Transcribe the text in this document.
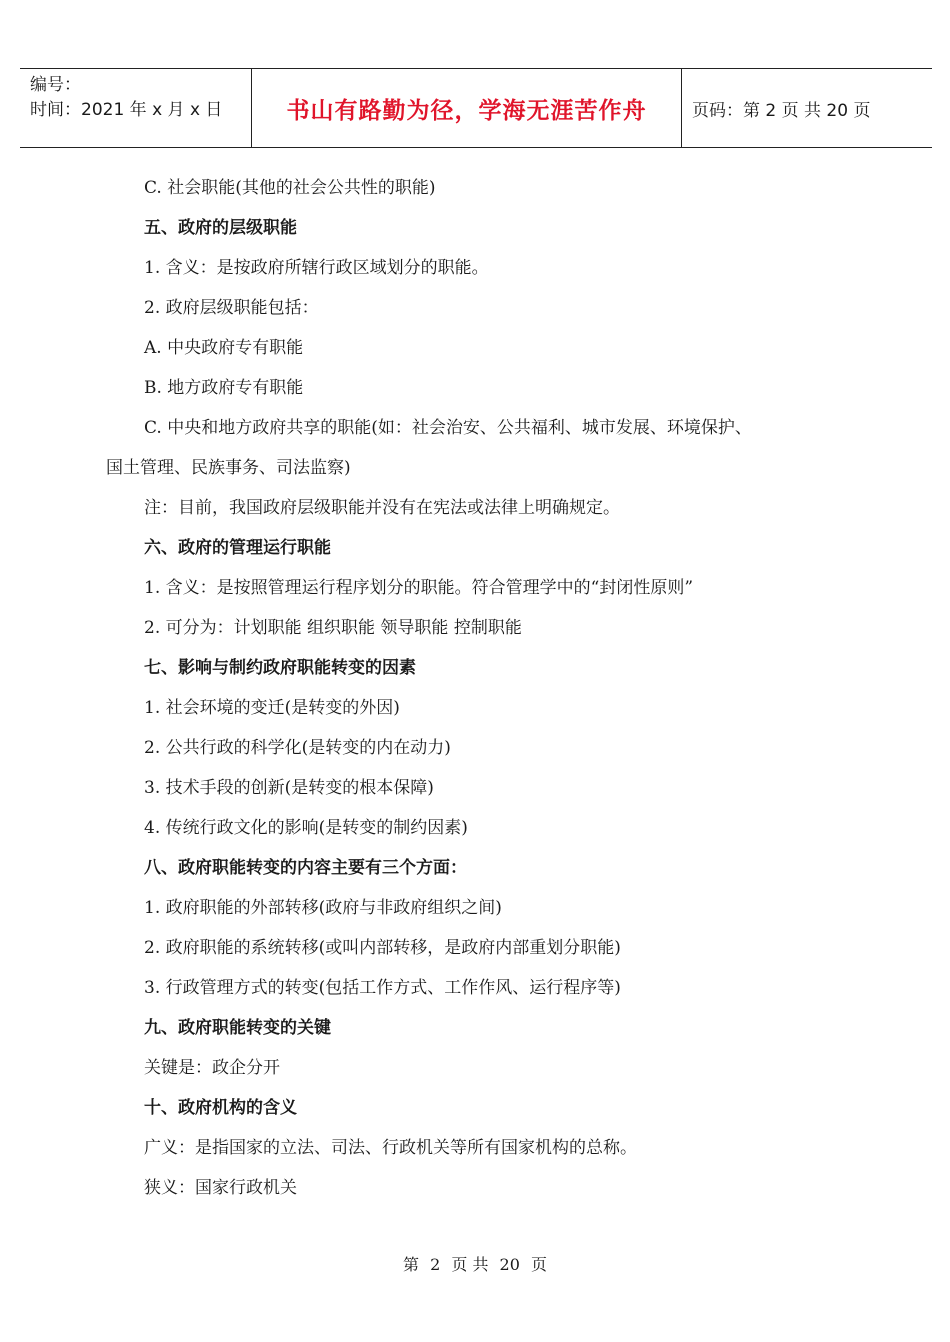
编号：
时间：2021 年 x 月 x 日	书山有路勤为径，学海无涯苦作舟	页码：第 2 页 共 20 页
C. 社会职能(其他的社会公共性的职能)
五、政府的层级职能
1. 含义：是按政府所辖行政区域划分的职能。
2. 政府层级职能包括：
A. 中央政府专有职能
B. 地方政府专有职能
C. 中央和地方政府共享的职能(如：社会治安、公共福利、城市发展、环境保护、
国土管理、民族事务、司法监察)
注：目前，我国政府层级职能并没有在宪法或法律上明确规定。
六、政府的管理运行职能
1. 含义：是按照管理运行程序划分的职能。符合管理学中的“封闭性原则”
2. 可分为：计划职能 组织职能 领导职能 控制职能
七、影响与制约政府职能转变的因素
1. 社会环境的变迁(是转变的外因)
2. 公共行政的科学化(是转变的内在动力)
3. 技术手段的创新(是转变的根本保障)
4. 传统行政文化的影响(是转变的制约因素)
八、政府职能转变的内容主要有三个方面：
1. 政府职能的外部转移(政府与非政府组织之间)
2. 政府职能的系统转移(或叫内部转移，是政府内部重划分职能)
3. 行政管理方式的转变(包括工作方式、工作作风、运行程序等)
九、政府职能转变的关键
关键是：政企分开
十、政府机构的含义
广义：是指国家的立法、司法、行政机关等所有国家机构的总称。
狭义：国家行政机关
第 2 页 共 20 页
